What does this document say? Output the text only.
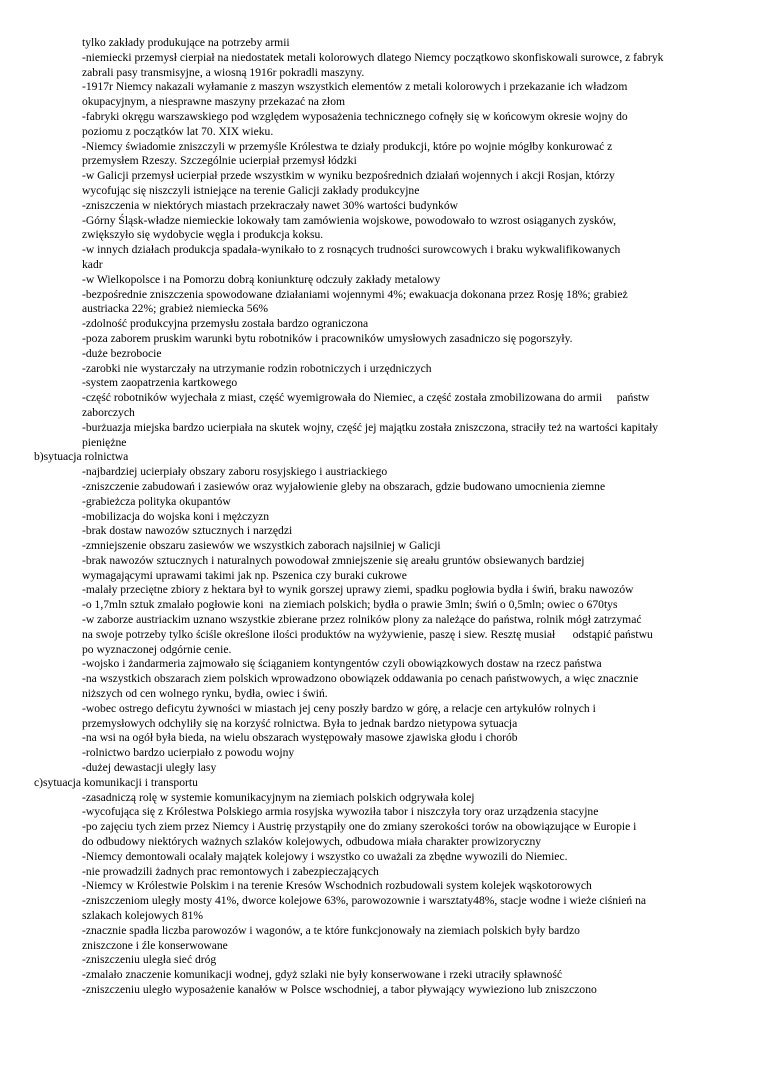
tylko zakłady produkujące na potrzeby armii
-niemiecki przemysł cierpiał na niedostatek metali kolorowych dlatego Niemcy początkowo skonfiskowali surowce, z fabryk
zabrali pasy transmisyjne, a wiosną 1916r pokradli maszyny.
-1917r Niemcy nakazali wyłamanie z maszyn wszystkich elementów z metali kolorowych i przekazanie ich władzom
okupacyjnym, a niesprawne maszyny przekazać na złom
-fabryki okręgu warszawskiego pod względem wyposażenia technicznego cofnęły się w końcowym okresie wojny do
poziomu z początków lat 70. XIX wieku.
-Niemcy świadomie zniszczyli w przemyśle Królestwa te działy produkcji, które po wojnie mógłby konkurować z
przemysłem Rzeszy. Szczególnie ucierpiał przemysł łódzki
-w Galicji przemysł ucierpiał przede wszystkim w wyniku bezpośrednich działań wojennych i akcji Rosjan, którzy
wycofując się niszczyli istniejące na terenie Galicji zakłady produkcyjne
-zniszczenia w niektórych miastach przekraczały nawet 30% wartości budynków
-Górny Śląsk-władze niemieckie lokowały tam zamówienia wojskowe, powodowało to wzrost osiąganych zysków,
zwiększyło się wydobycie węgla i produkcja koksu.
-w innych działach produkcja spadała-wynikało to z rosnących trudności surowcowych i braku wykwalifikowanych
kadr
-w Wielkopolsce i na Pomorzu dobrą koniunkturę odczuły zakłady metalowy
-bezpośrednie zniszczenia spowodowane działaniami wojennymi 4%; ewakuacja dokonana przez Rosję 18%; grabież
austriacka 22%; grabież niemiecka 56%
-zdolność produkcyjna przemysłu została bardzo ograniczona
-poza zaborem pruskim warunki bytu robotników i pracowników umysłowych zasadniczo się pogorszyły.
-duże bezrobocie
-zarobki nie wystarczały na utrzymanie rodzin robotniczych i urzędniczych
-system zaopatrzenia kartkowego
-część robotników wyjechała z miast, część wyemigrowała do Niemiec, a część została zmobilizowana do armii     państw
zaborczych
-burżuazja miejska bardzo ucierpiała na skutek wojny, część jej majątku została zniszczona, straciły też na wartości kapitały
pieniężne
b)sytuacja rolnictwa
-najbardziej ucierpiały obszary zaboru rosyjskiego i austriackiego
-zniszczenie zabudowań i zasiewów oraz wyjałowienie gleby na obszarach, gdzie budowano umocnienia ziemne
-grabieżcza polityka okupantów
-mobilizacja do wojska koni i mężczyzn
-brak dostaw nawozów sztucznych i narzędzi
-zmniejszenie obszaru zasiewów we wszystkich zaborach najsilniej w Galicji
-brak nawozów sztucznych i naturalnych powodował zmniejszenie się areału gruntów obsiewanych bardziej
wymagającymi uprawami takimi jak np. Pszenica czy buraki cukrowe
-malały przeciętne zbiory z hektara był to wynik gorszej uprawy ziemi, spadku pogłowia bydła i świń, braku nawozów
-o 1,7mln sztuk zmalało pogłowie koni  na ziemiach polskich; bydła o prawie 3mln; świń o 0,5mln; owiec o 670tys
-w zaborze austriackim uznano wszystkie zbierane przez rolników plony za należące do państwa, rolnik mógł zatrzymać
na swoje potrzeby tylko ściśle określone ilości produktów na wyżywienie, paszę i siew. Resztę musiał      odstąpić państwu
po wyznaczonej odgórnie cenie.
-wojsko i żandarmeria zajmowało się ściąganiem kontyngentów czyli obowiązkowych dostaw na rzecz państwa
-na wszystkich obszarach ziem polskich wprowadzono obowiązek oddawania po cenach państwowych, a więc znacznie
niższych od cen wolnego rynku, bydła, owiec i świń.
-wobec ostrego deficytu żywności w miastach jej ceny poszły bardzo w górę, a relacje cen artykułów rolnych i
przemysłowych odchyliły się na korzyść rolnictwa. Była to jednak bardzo nietypowa sytuacja
-na wsi na ogół była bieda, na wielu obszarach występowały masowe zjawiska głodu i chorób
-rolnictwo bardzo ucierpiało z powodu wojny
-dużej dewastacji uległy lasy
c)sytuacja komunikacji i transportu
-zasadniczą rolę w systemie komunikacyjnym na ziemiach polskich odgrywała kolej
-wycofująca się z Królestwa Polskiego armia rosyjska wywoziła tabor i niszczyła tory oraz urządzenia stacyjne
-po zajęciu tych ziem przez Niemcy i Austrię przystąpiły one do zmiany szerokości torów na obowiązujące w Europie i
do odbudowy niektórych ważnych szlaków kolejowych, odbudowa miała charakter prowizoryczny
-Niemcy demontowali ocalały majątek kolejowy i wszystko co uważali za zbędne wywozili do Niemiec.
-nie prowadzili żadnych prac remontowych i zabezpieczających
-Niemcy w Królestwie Polskim i na terenie Kresów Wschodnich rozbudowali system kolejek wąskotorowych
-zniszczeniom uległy mosty 41%, dworce kolejowe 63%, parowozownie i warsztaty48%, stacje wodne i wieże ciśnień na
szlakach kolejowych 81%
-znacznie spadła liczba parowozów i wagonów, a te które funkcjonowały na ziemiach polskich były bardzo
zniszczone i źle konserwowane
-zniszczeniu uległa sieć dróg
-zmalało znaczenie komunikacji wodnej, gdyż szlaki nie były konserwowane i rzeki utraciły spławność
-zniszczeniu uległo wyposażenie kanałów w Polsce wschodniej, a tabor pływający wywieziono lub zniszczono
